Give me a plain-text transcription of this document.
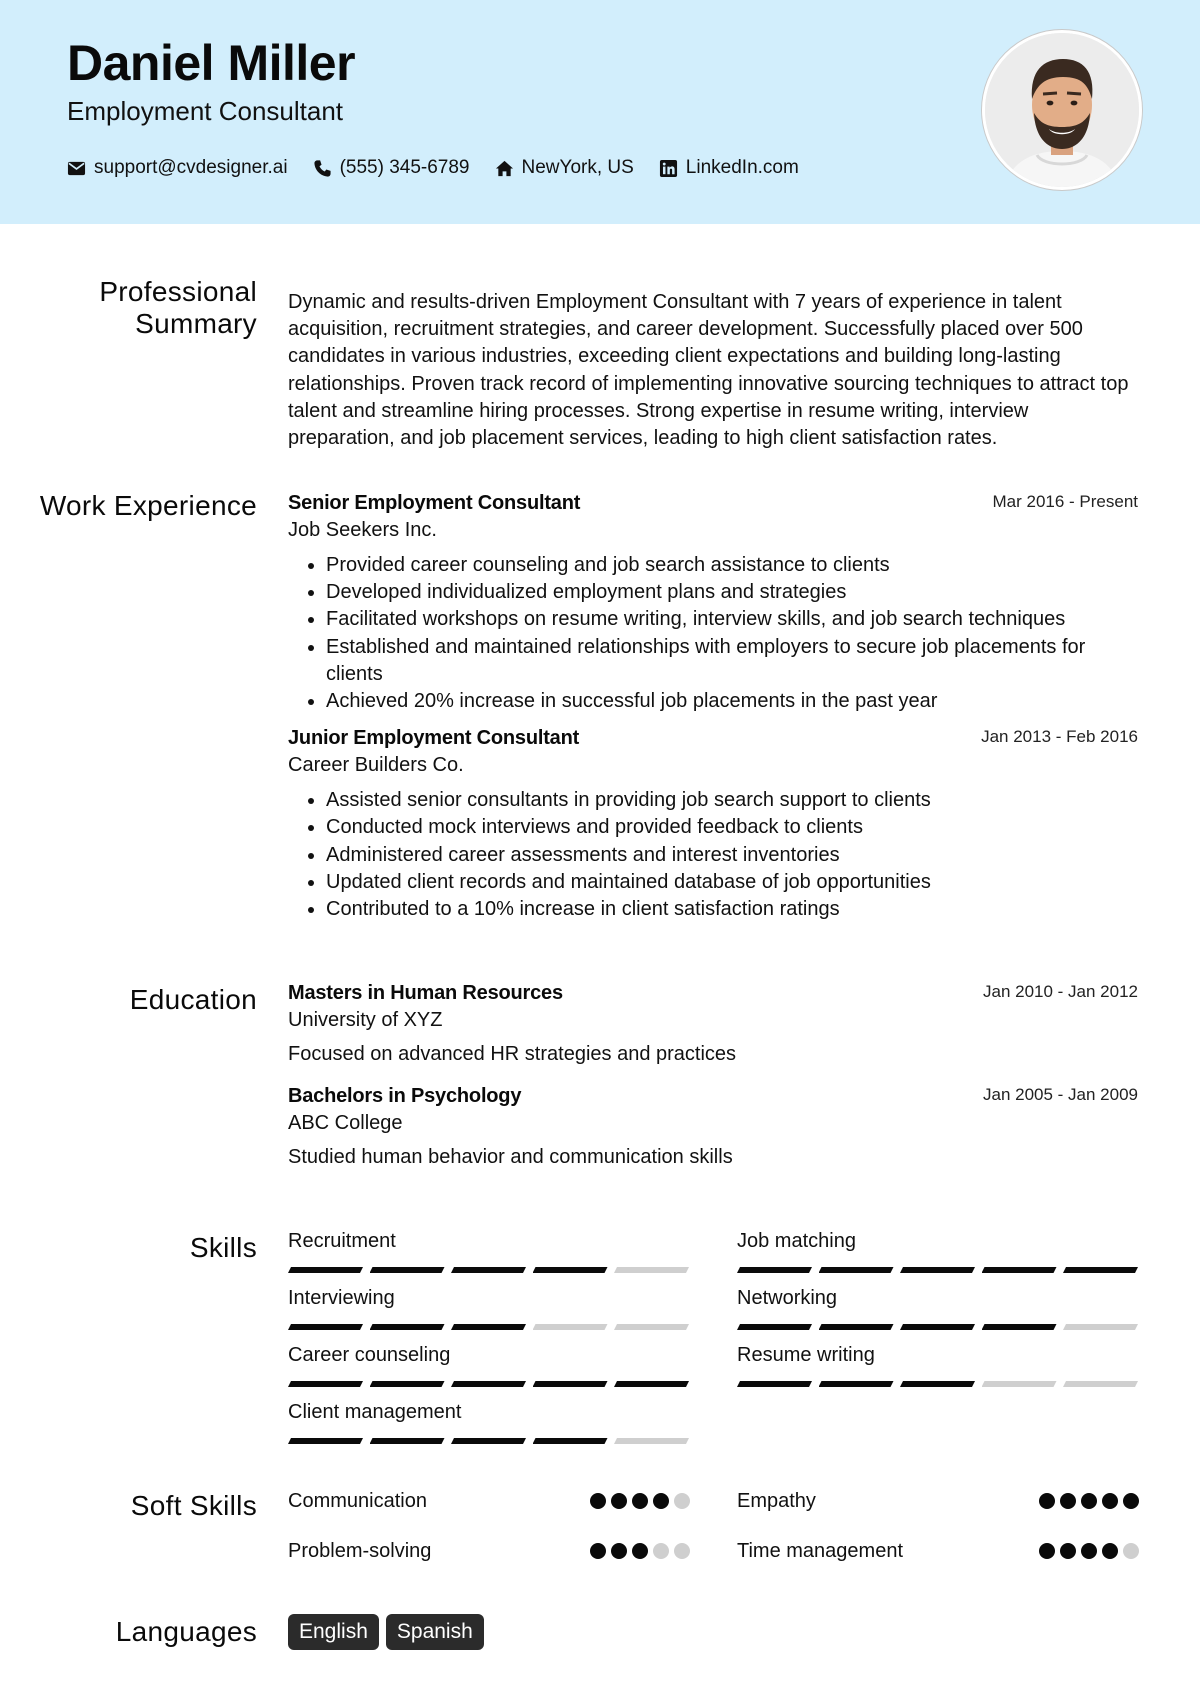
Daniel Miller
Employment Consultant
support@cvdesigner.ai	(555) 345-6789	NewYork, US	LinkedIn.com
Professional Summary

Dynamic and results-driven Employment Consultant with 7 years of experience in talent acquisition, recruitment strategies, and career development. Successfully placed over 500 candidates in various industries, exceeding client expectations and building long-lasting relationships. Proven track record of implementing innovative sourcing techniques to attract top talent and streamline hiring processes. Strong expertise in resume writing, interview preparation, and job placement services, leading to high client satisfaction rates.

Work Experience Senior Employment Consultant	Mar 2016 - Present
Job Seekers Inc.
• Provided career counseling and job search assistance to clients
• Developed individualized employment plans and strategies
• Facilitated workshops on resume writing, interview skills, and job search techniques
• Established and maintained relationships with employers to secure job placements for clients
• Achieved 20% increase in successful job placements in the past year
Junior Employment Consultant	Jan 2013 - Feb 2016
Career Builders Co.
• Assisted senior consultants in providing job search support to clients
• Conducted mock interviews and provided feedback to clients
• Administered career assessments and interest inventories
• Updated client records and maintained database of job opportunities
• Contributed to a 10% increase in client satisfaction ratings
Education Masters in Human Resources	Jan 2010 - Jan 2012
University of XYZ
Focused on advanced HR strategies and practices
Bachelors in Psychology	Jan 2005 - Jan 2009
ABC College
Studied human behavior and communication skills
Skills Recruitment	Job matching
Interviewing	Networking
Career counseling	Resume writing
Client management
Soft Skills Communication	Empathy
Problem-solving	Time management
Languages	English	Spanish
